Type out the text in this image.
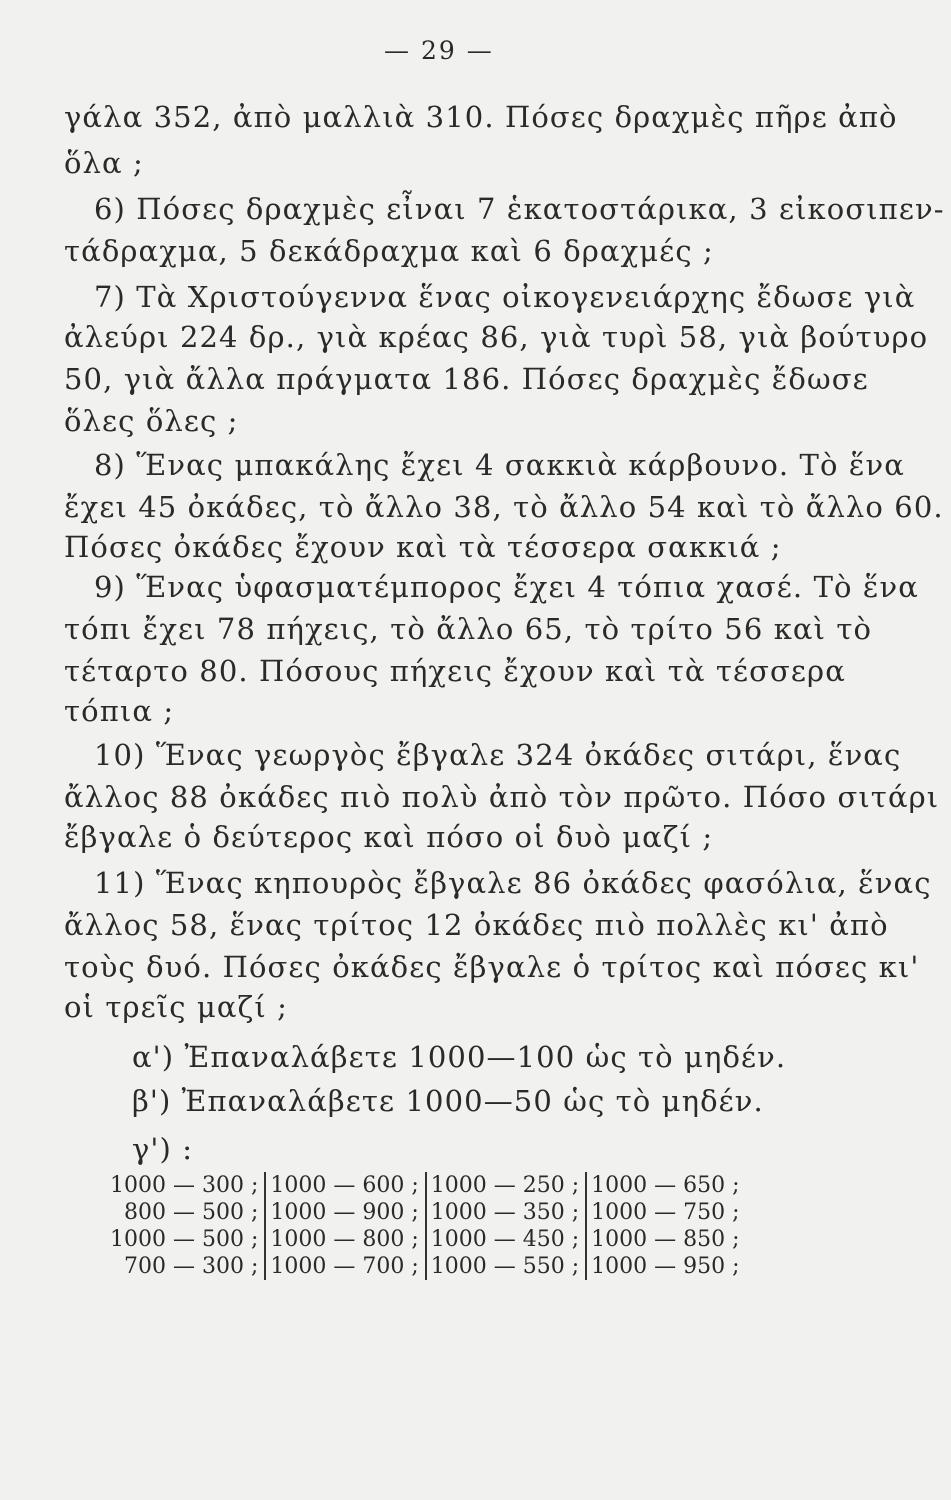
— 29 —
γάλα 352, ἀπὸ μαλλιὰ 310. Πόσες δραχμὲς πῆρε ἀπὸ
ὅλα ;
6) Πόσες δραχμὲς εἶναι 7 ἑκατοστάρικα, 3 εἰκοσιπεν-
τάδραχμα, 5 δεκάδραχμα καὶ 6 δραχμές ;
7) Τὰ Χριστούγεννα ἕνας οἰκογενειάρχης ἔδωσε γιὰ
ἀλεύρι 224 δρ., γιὰ κρέας 86, γιὰ τυρὶ 58, γιὰ βούτυρο
50, γιὰ ἄλλα πράγματα 186. Πόσες δραχμὲς ἔδωσε
ὅλες ὅλες ;
8) Ἕνας μπακάλης ἔχει 4 σακκιὰ κάρβουνο. Τὸ ἕνα
ἔχει 45 ὀκάδες, τὸ ἄλλο 38, τὸ ἄλλο 54 καὶ τὸ ἄλλο 60.
Πόσες ὀκάδες ἔχουν καὶ τὰ τέσσερα σακκιά ;
9) Ἕνας ὑφασματέμπορος ἔχει 4 τόπια χασέ. Τὸ ἕνα
τόπι ἔχει 78 πήχεις, τὸ ἄλλο 65, τὸ τρίτο 56 καὶ τὸ
τέταρτο 80. Πόσους πήχεις ἔχουν καὶ τὰ τέσσερα
τόπια ;
10) Ἕνας γεωργὸς ἔβγαλε 324 ὀκάδες σιτάρι, ἕνας
ἄλλος 88 ὀκάδες πιὸ πολὺ ἀπὸ τὸν πρῶτο. Πόσο σιτάρι
ἔβγαλε ὁ δεύτερος καὶ πόσο οἱ δυὸ μαζί ;
11) Ἕνας κηπουρὸς ἔβγαλε 86 ὀκάδες φασόλια, ἕνας
ἄλλος 58, ἕνας τρίτος 12 ὀκάδες πιὸ πολλὲς κι' ἀπὸ
τοὺς δυό. Πόσες ὀκάδες ἔβγαλε ὁ τρίτος καὶ πόσες κι'
οἱ τρεῖς μαζί ;
α') Ἐπαναλάβετε 1000—100 ὡς τὸ μηδέν.
β') Ἐπαναλάβετε 1000—50 ὡς τὸ μηδέν.
γ') :
1000 — 300 ;
800 — 500 ;
1000 — 500 ;
700 — 300 ;
1000 — 600 ;
1000 — 900 ;
1000 — 800 ;
1000 — 700 ;
1000 — 250 ;
1000 — 350 ;
1000 — 450 ;
1000 — 550 ;
1000 — 650 ;
1000 — 750 ;
1000 — 850 ;
1000 — 950 ;
